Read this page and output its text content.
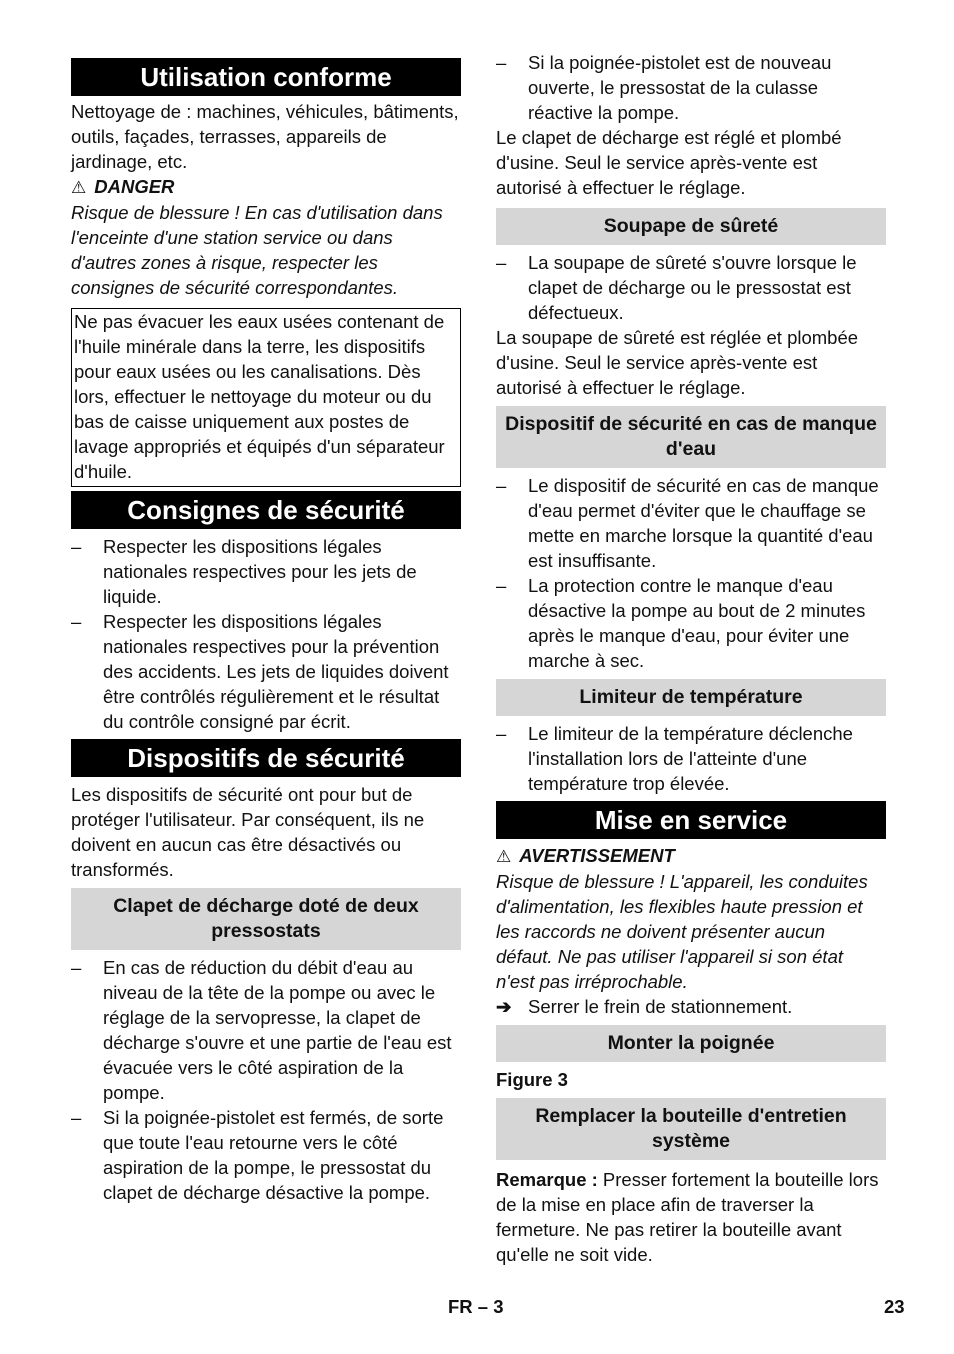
Utilisation conforme

Nettoyage de : machines, véhicules, bâtiments, outils, façades, terrasses, appareils de jardinage, etc.

⚠ DANGER

Risque de blessure ! En cas d'utilisation dans l'enceinte d'une station service ou dans d'autres zones à risque, respecter les consignes de sécurité correspondantes.

Ne pas évacuer les eaux usées contenant de l'huile minérale dans la terre, les dispositifs pour eaux usées ou les canalisations. Dès lors, effectuer le nettoyage du moteur ou du bas de caisse uniquement aux postes de lavage appropriés et équipés d'un séparateur d'huile.
Consignes de sécurité
– Respecter les dispositions légales nationales respectives pour les jets de liquide.
– Respecter les dispositions légales nationales respectives pour la prévention des accidents. Les jets de liquides doivent être contrôlés régulièrement et le résultat du contrôle consigné par écrit.
Dispositifs de sécurité

Les dispositifs de sécurité ont pour but de protéger l'utilisateur. Par conséquent, ils ne doivent en aucun cas être désactivés ou transformés.

Clapet de décharge doté de deux pressostats
– En cas de réduction du débit d'eau au niveau de la tête de la pompe ou avec le réglage de la servopresse, la clapet de décharge s'ouvre et une partie de l'eau est évacuée vers le côté aspiration de la pompe.
– Si la poignée-pistolet est fermés, de sorte que toute l'eau retourne vers le côté aspiration de la pompe, le pressostat du clapet de décharge désactive la pompe.
– Si la poignée-pistolet est de nouveau ouverte, le pressostat de la culasse réactive la pompe.

Le clapet de décharge est réglé et plombé d'usine. Seul le service après-vente est autorisé à effectuer le réglage.

Soupape de sûreté
– La soupape de sûreté s'ouvre lorsque le clapet de décharge ou le pressostat est défectueux.

La soupape de sûreté est réglée et plombée d'usine. Seul le service après-vente est autorisé à effectuer le réglage.

Dispositif de sécurité en cas de manque d'eau
– Le dispositif de sécurité en cas de manque d'eau permet d'éviter que le chauffage se mette en marche lorsque la quantité d'eau est insuffisante.
– La protection contre le manque d'eau désactive la pompe au bout de 2 minutes après le manque d'eau, pour éviter une marche à sec.
Limiteur de température
– Le limiteur de la température déclenche l'installation lors de l'atteinte d'une température trop élevée.
Mise en service
⚠ AVERTISSEMENT

Risque de blessure ! L'appareil, les conduites d'alimentation, les flexibles haute pression et les raccords ne doivent présenter aucun défaut. Ne pas utiliser l'appareil si son état n'est pas irréprochable.

➔ Serrer le frein de stationnement.
Monter la poignée

Figure 3

Remplacer la bouteille d'entretien système

Remarque : Presser fortement la bouteille lors de la mise en place afin de traverser la fermeture. Ne pas retirer la bouteille avant qu'elle ne soit vide.

FR – 3	23
